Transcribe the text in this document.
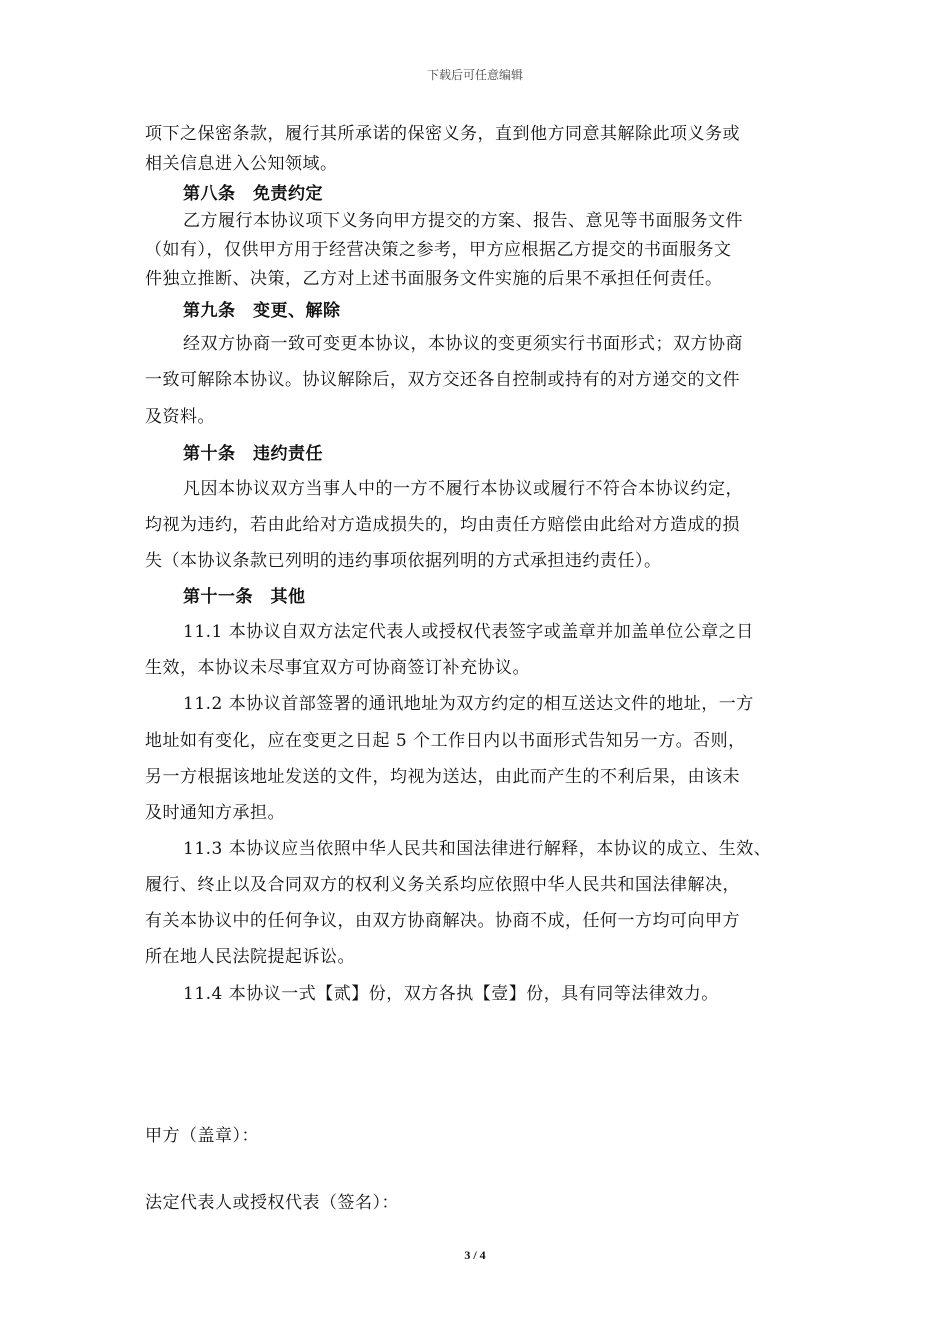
下载后可任意编辑
项下之保密条款，履行其所承诺的保密义务，直到他方同意其解除此项义务或
相关信息进入公知领域。
第八条　免责约定
乙方履行本协议项下义务向甲方提交的方案、报告、意见等书面服务文件
（如有），仅供甲方用于经营决策之参考，甲方应根据乙方提交的书面服务文
件独立推断、决策，乙方对上述书面服务文件实施的后果不承担任何责任。
第九条　变更、解除
经双方协商一致可变更本协议，本协议的变更须实行书面形式；双方协商
一致可解除本协议。协议解除后，双方交还各自控制或持有的对方递交的文件
及资料。
第十条　违约责任
凡因本协议双方当事人中的一方不履行本协议或履行不符合本协议约定，
均视为违约，若由此给对方造成损失的，均由责任方赔偿由此给对方造成的损
失（本协议条款已列明的违约事项依据列明的方式承担违约责任）。
第十一条　其他
11.1 本协议自双方法定代表人或授权代表签字或盖章并加盖单位公章之日
生效，本协议未尽事宜双方可协商签订补充协议。
11.2 本协议首部签署的通讯地址为双方约定的相互送达文件的地址，一方
地址如有变化，应在变更之日起 5 个工作日内以书面形式告知另一方。否则，
另一方根据该地址发送的文件，均视为送达，由此而产生的不利后果，由该未
及时通知方承担。
11.3 本协议应当依照中华人民共和国法律进行解释，本协议的成立、生效、
履行、终止以及合同双方的权利义务关系均应依照中华人民共和国法律解决，
有关本协议中的任何争议，由双方协商解决。协商不成，任何一方均可向甲方
所在地人民法院提起诉讼。
11.4 本协议一式【贰】份，双方各执【壹】份，具有同等法律效力。
甲方（盖章）：
法定代表人或授权代表（签名）：
3 / 4
